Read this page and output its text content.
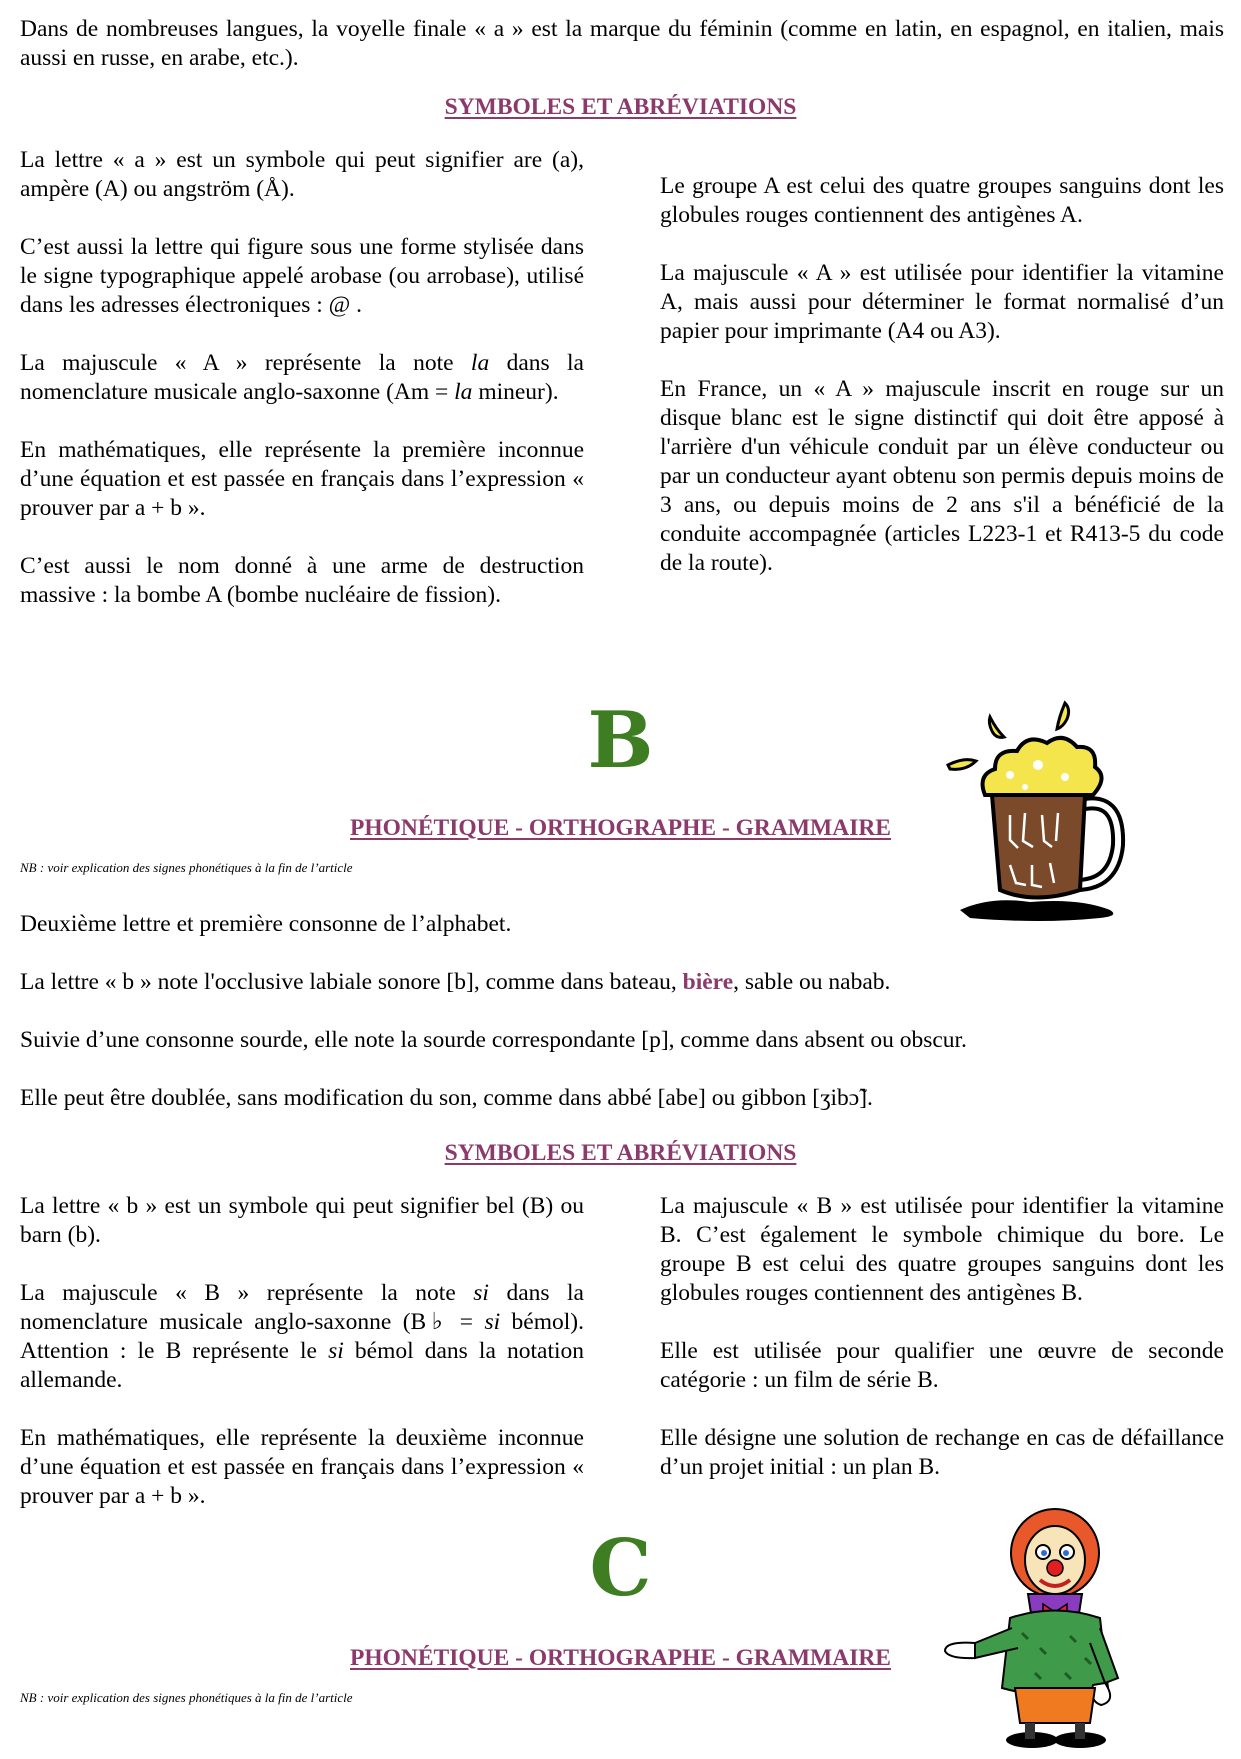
Dans de nombreuses langues, la voyelle finale « a » est la marque du féminin (comme en latin, en espagnol, en italien, mais aussi en russe, en arabe, etc.).
SYMBOLES ET ABRÉVIATIONS

La lettre « a » est un symbole qui peut signifier are (a), ampère (A) ou angström (Å).

C’est aussi la lettre qui figure sous une forme stylisée dans le signe typographique appelé arobase (ou arrobase), utilisé dans les adresses électroniques : @ .

La majuscule « A » représente la note la dans la nomenclature musicale anglo-saxonne (Am = la mineur).

En mathématiques, elle représente la première inconnue d’une équation et est passée en français dans l’expression « prouver par a + b ».

C’est aussi le nom donné à une arme de destruction massive : la bombe A (bombe nucléaire de fission).

Le groupe A est celui des quatre groupes sanguins dont les globules rouges contiennent des antigènes A.

La majuscule « A » est utilisée pour identifier la vitamine A, mais aussi pour déterminer le format normalisé d’un papier pour imprimante (A4 ou A3).

En France, un « A » majuscule inscrit en rouge sur un disque blanc est le signe distinctif qui doit être apposé à l'arrière d'un véhicule conduit par un élève conducteur ou par un conducteur ayant obtenu son permis depuis moins de 3 ans, ou depuis moins de 2 ans s'il a bénéficié de la conduite accompagnée (articles L223-1 et R413-5 du code de la route).

B
PHONÉTIQUE - ORTHOGRAPHE - GRAMMAIRE
NB : voir explication des signes phonétiques à la fin de l’article

Deuxième lettre et première consonne de l’alphabet.

La lettre « b » note l'occlusive labiale sonore [b], comme dans bateau, bière, sable ou nabab.

Suivie d’une consonne sourde, elle note la sourde correspondante [p], comme dans absent ou obscur.

Elle peut être doublée, sans modification du son, comme dans abbé [abe] ou gibbon [ʒibɔ̃].

SYMBOLES ET ABRÉVIATIONS

La lettre « b » est un symbole qui peut signifier bel (B) ou barn (b).

La majuscule « B » représente la note si dans la nomenclature musicale anglo-saxonne (B♭ = si bémol). Attention : le B représente le si bémol dans la notation allemande.

En mathématiques, elle représente la deuxième inconnue d’une équation et est passée en français dans l’expression « prouver par a + b ».

La majuscule « B » est utilisée pour identifier la vitamine B. C’est également le symbole chimique du bore. Le groupe B est celui des quatre groupes sanguins dont les globules rouges contiennent des antigènes B.

Elle est utilisée pour qualifier une œuvre de seconde catégorie : un film de série B.

Elle désigne une solution de rechange en cas de défaillance d’un projet initial : un plan B.

C
PHONÉTIQUE - ORTHOGRAPHE - GRAMMAIRE
NB : voir explication des signes phonétiques à la fin de l’article
